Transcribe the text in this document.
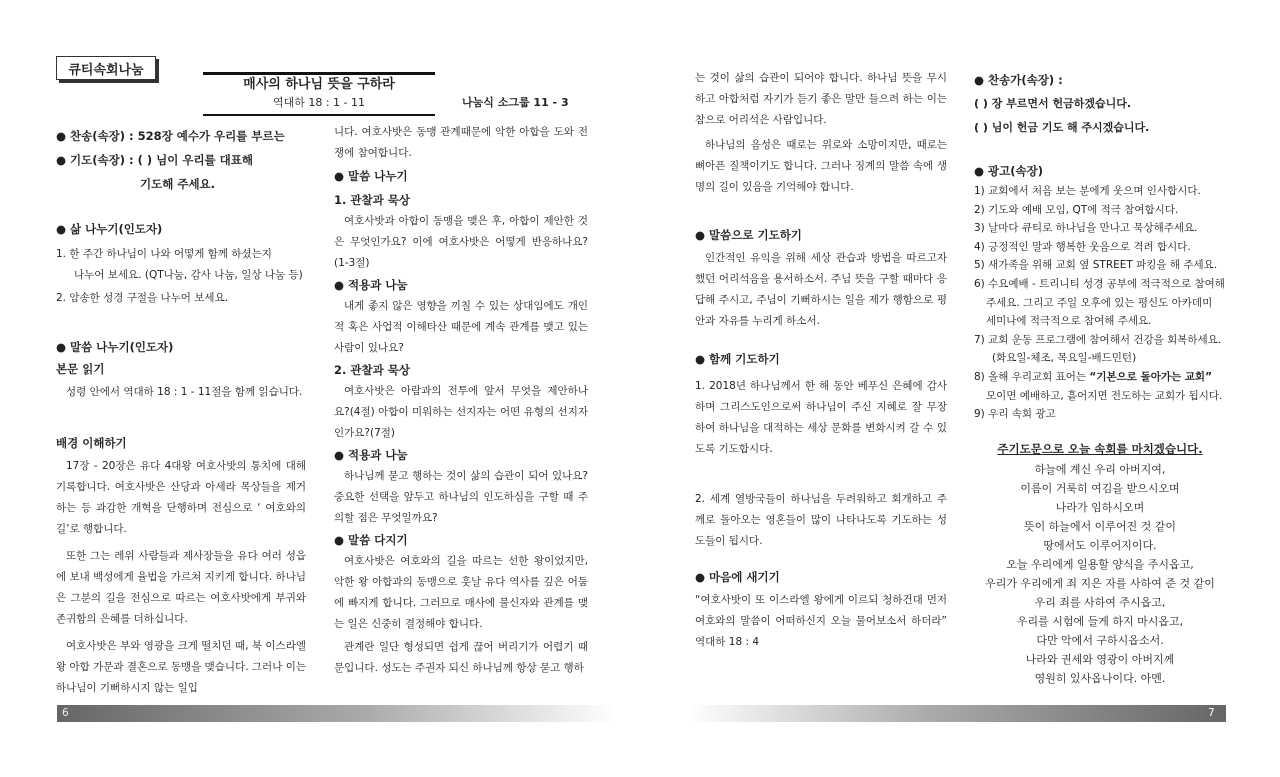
큐티속회나눔
매사의 하나님 뜻을 구하라
역대하 18 : 1 - 11	나눔식 소그룹 11 - 3

● 찬송(속장) : 528장 예수가 우리를 부르는

● 기도(속장) : ( ) 님이 우리를 대표해

기도해 주세요.

● 삶 나누기(인도자)

1. 한 주간 하나님이 나와 어떻게 함께 하셨는지

나누어 보세요. (QT나눔, 감사 나눔, 일상 나눔 등)

2. 암송한 성경 구절을 나누어 보세요.

● 말씀 나누기(인도자)

본문 읽기

성령 안에서 역대하 18 : 1 - 11절을 함께 읽습니다.

배경 이해하기

17장 - 20장은 유다 4대왕 여호사밧의 통치에 대해 기록합니다. 여호사밧은 산당과 아세라 목상들을 제거하는 등 과감한 개혁을 단행하며 전심으로 ‘ 여호와의 길’로 행합니다.

또한 그는 레위 사람들과 제사장들을 유다 여러 성읍에 보내 백성에게 율법을 가르쳐 지키게 합니다. 하나님은 그분의 길을 전심으로 따르는 여호사밧에게 부귀와 존귀함의 은혜를 더하십니다.

여호사밧은 부와 영광을 크게 떨치던 때, 북 이스라엘 왕 아합 가문과 결혼으로 동맹을 맺습니다. 그러나 이는 하나님이 기뻐하시지 않는 일입

니다. 여호사밧은 동맹 관계때문에 악한 아합을 도와 전쟁에 참여합니다.

● 말씀 나누기

1. 관찰과 묵상

여호사밧과 아합이 동맹을 맺은 후, 아합이 제안한 것은 무엇인가요? 이에 여호사밧은 어떻게 반응하나요?(1-3절)

● 적용과 나눔

내게 좋지 않은 영향을 끼칠 수 있는 상대임에도 개인적 혹은 사업적 이해타산 때문에 계속 관계를 맺고 있는 사람이 있나요?

2. 관찰과 묵상

여호사밧은 아람과의 전투에 앞서 무엇을 제안하나요?(4절) 아합이 미워하는 선지자는 어떤 유형의 선지자인가요?(7절)

● 적용과 나눔

하나님께 묻고 행하는 것이 삶의 습관이 되어 있나요? 중요한 선택을 앞두고 하나님의 인도하심을 구할 때 주의할 점은 무엇일까요?

● 말씀 다지기

여호사밧은 여호와의 길을 따르는 선한 왕이었지만, 악한 왕 아합과의 동맹으로 훗날 유다 역사를 깊은 어둠에 빠지게 합니다. 그러므로 매사에 불신자와 관계를 맺는 일은 신중히 결정해야 합니다.

관계란 일단 형성되면 쉽게 끊어 버리기가 어렵기 때문입니다. 성도는 주권자 되신 하나님께 항상 묻고 행하

는 것이 삶의 습관이 되어야 합니다. 하나님 뜻을 무시하고 아합처럼 자기가 듣기 좋은 말만 들으려 하는 이는 참으로 어리석은 사람입니다.

하나님의 음성은 때로는 위로와 소망이지만, 때로는 뼈아픈 질책이기도 합니다. 그러나 징계의 말씀 속에 생명의 길이 있음을 기억해야 합니다.

● 말씀으로 기도하기

인간적인 유익을 위해 세상 관습과 방법을 따르고자 했던 어리석음을 용서하소서. 주님 뜻을 구할 때마다 응답해 주시고, 주님이 기뻐하시는 일을 제가 행함으로 평안과 자유를 누리게 하소서.

● 함께 기도하기

1. 2018년 하나님께서 한 해 동안 베푸신 은혜에 감사하며 그리스도인으로써 하나님이 주신 지혜로 잘 무장하여 하나님을 대적하는 세상 문화를 변화시켜 갈 수 있도록 기도합시다.

2. 세계 열방국들이 하나님을 두려워하고 회개하고 주께로 돌아오는 영혼들이 많이 나타나도록 기도하는 성도들이 됩시다.

● 마음에 새기기

“여호사밧이 또 이스라엘 왕에게 이르되 청하건대 먼저 여호와의 말씀이 어떠하신지 오늘 물어보소서 하더라” 역대하 18 : 4

● 찬송가(속장) :

( ) 장 부르면서 헌금하겠습니다.

( ) 님이 헌금 기도 해 주시겠습니다.

● 광고(속장)

1) 교회에서 처음 보는 분에게 웃으며 인사합시다.
2) 기도와 예배 모임, QT에 적극 참여합시다.
3) 날마다 큐티로 하나님을 만나고 묵상해주세요.
4) 긍정적인 말과 행복한 웃음으로 격려 합시다.
5) 새가족을 위해 교회 옆 STREET 파킹을 해 주세요.
6) 수요예배 - 트리니티 성경 공부에 적극적으로 참여해
주세요. 그리고 주일 오후에 있는 평신도 아카데미
세미나에 적극적으로 참여해 주세요.
7) 교회 운동 프로그램에 참여해서 건강을 회복하세요.
(화요일-체조, 목요일-배드민턴)
8) 올해 우리교회 표어는 “기본으로 돌아가는 교회”
모이면 예배하고, 흩어지면 전도하는 교회가 됩시다.
9) 우리 속회 광고

주기도문으로 오늘 속회를 마치겠습니다.

하늘에 계신 우리 아버지여,
이름이 거룩히 여김을 받으시오며
나라가 임하시오며
뜻이 하늘에서 이루어진 것 같이
땅에서도 이루어지이다.
오늘 우리에게 일용할 양식을 주시옵고,
우리가 우리에게 죄 지은 자를 사하여 준 것 같이
우리 죄를 사하여 주시옵고,
우리를 시험에 들게 하지 마시옵고,
다만 악에서 구하시옵소서.
나라와 권세와 영광이 아버지께
영원히 있사옵나이다. 아멘.
6	7
